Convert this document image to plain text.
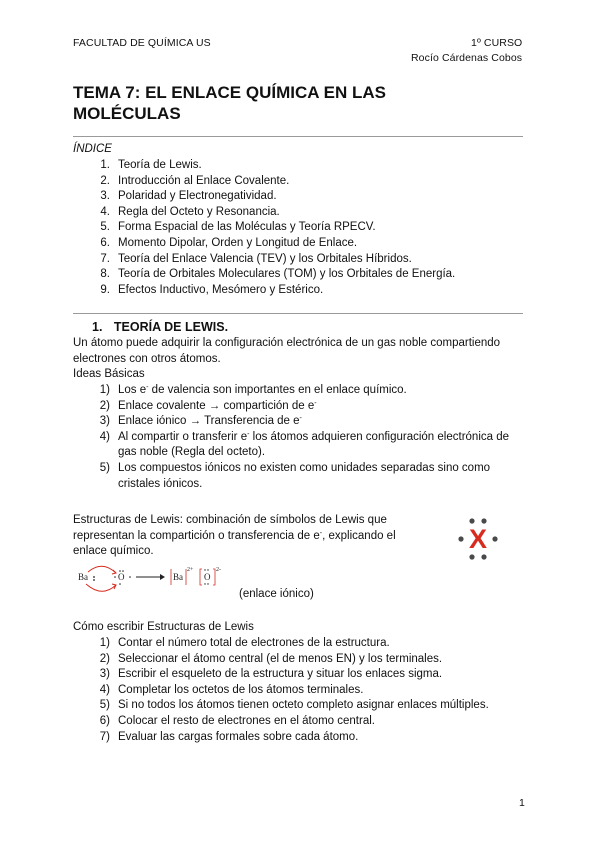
FACULTAD DE QUÍMICA US	1º CURSO
Rocío Cárdenas Cobos
TEMA 7: EL ENLACE QUÍMICA EN LAS
MOLÉCULAS
ÍNDICE
1. Teoría de Lewis.
2. Introducción al Enlace Covalente.
3. Polaridad y Electronegatividad.
4. Regla del Octeto y Resonancia.
5. Forma Espacial de las Moléculas y Teoría RPECV.
6. Momento Dipolar, Orden y Longitud de Enlace.
7. Teoría del Enlace Valencia (TEV) y los Orbitales Híbridos.
8. Teoría de Orbitales Moleculares (TOM) y los Orbitales de Energía.
9. Efectos Inductivo, Mesómero y Estérico.
1. TEORÍA DE LEWIS.
Un átomo puede adquirir la configuración electrónica de un gas noble compartiendo
electrones con otros átomos.
Ideas Básicas
1) Los e- de valencia son importantes en el enlace químico.
2) Enlace covalente → compartición de e-
3) Enlace iónico → Transferencia de e-
4) Al compartir o transferir e- los átomos adquieren configuración electrónica de
gas noble (Regla del octeto).
5) Los compuestos iónicos no existen como unidades separadas sino como
cristales iónicos.
Estructuras de Lewis: combinación de símbolos de Lewis que
representan la compartición o transferencia de e-, explicando el
enlace químico.	X
Ba	O	Ba
2+
O
2-
(enlace iónico)
Cómo escribir Estructuras de Lewis
1) Contar el número total de electrones de la estructura.
2) Seleccionar el átomo central (el de menos EN) y los terminales.
3) Escribir el esqueleto de la estructura y situar los enlaces sigma.
4) Completar los octetos de los átomos terminales.
5) Si no todos los átomos tienen octeto completo asignar enlaces múltiples.
6) Colocar el resto de electrones en el átomo central.
7) Evaluar las cargas formales sobre cada átomo.
1
